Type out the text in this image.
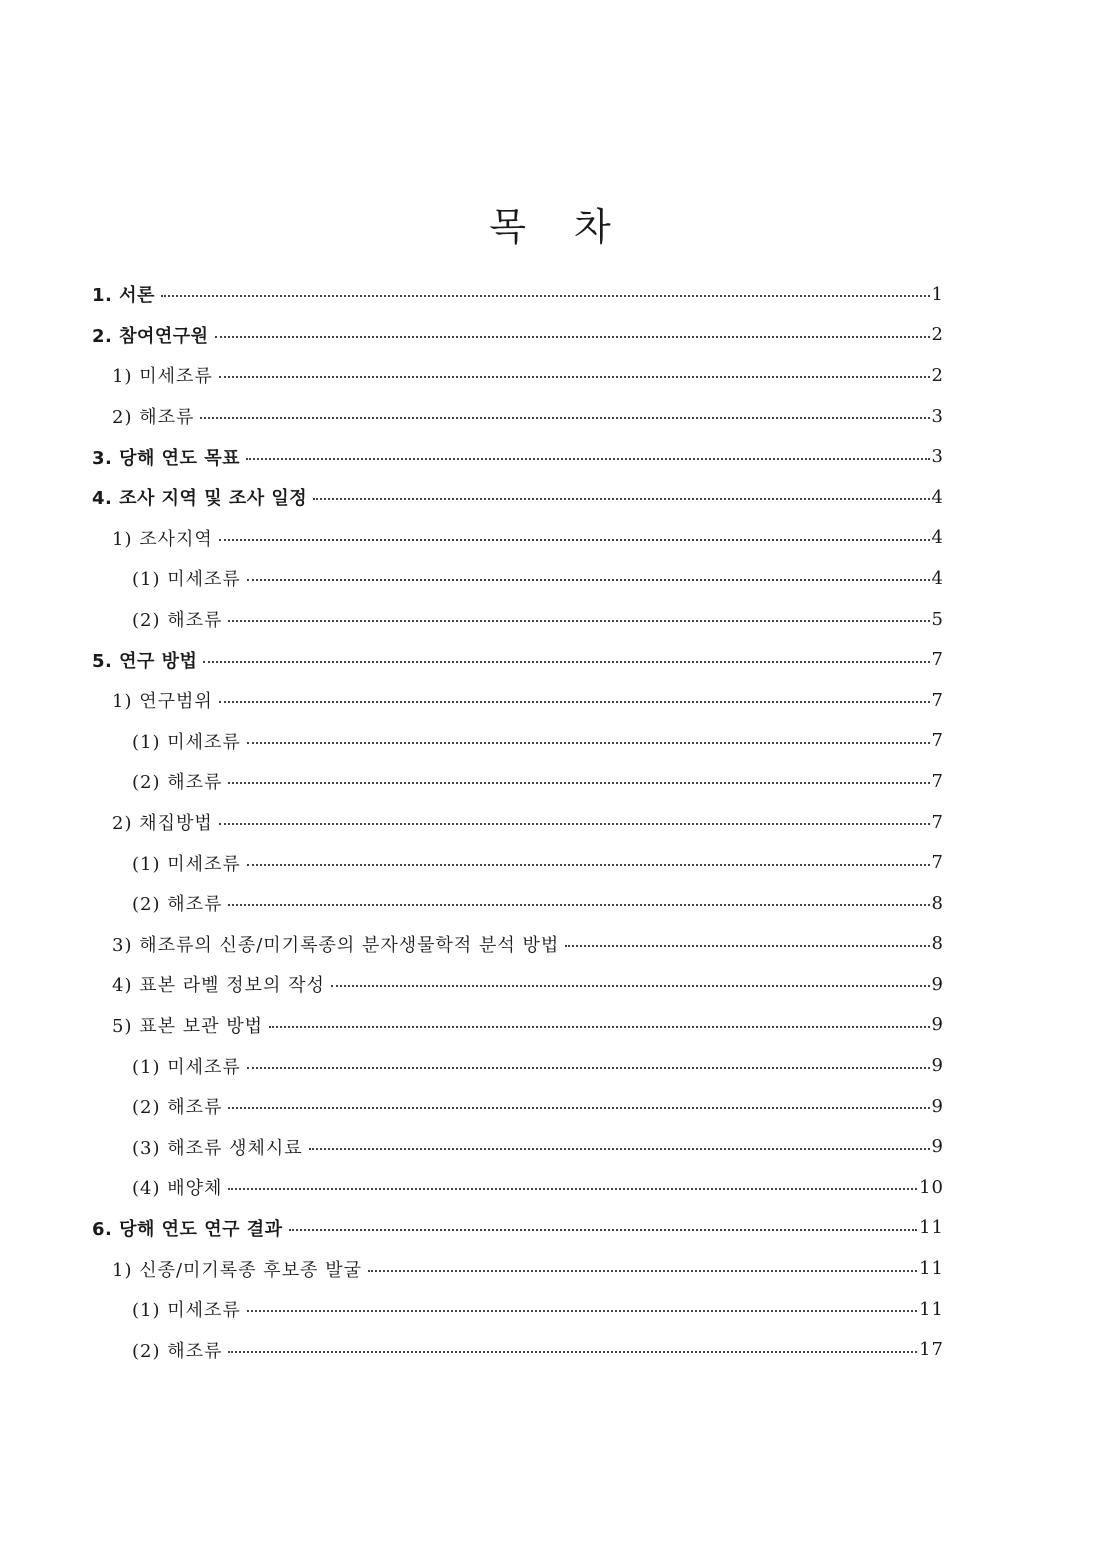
목 차
1. 서론	1
2. 참여연구원	2
1) 미세조류	2
2) 해조류	3
3. 당해 연도 목표	3
4. 조사 지역 및 조사 일정	4
1) 조사지역	4
(1) 미세조류	4
(2) 해조류	5
5. 연구 방법	7
1) 연구범위	7
(1) 미세조류	7
(2) 해조류	7
2) 채집방법	7
(1) 미세조류	7
(2) 해조류	8
3) 해조류의 신종/미기록종의 분자생물학적 분석 방법	8
4) 표본 라벨 정보의 작성	9
5) 표본 보관 방법	9
(1) 미세조류	9
(2) 해조류	9
(3) 해조류 생체시료	9
(4) 배양체	10
6. 당해 연도 연구 결과	11
1) 신종/미기록종 후보종 발굴	11
(1) 미세조류	11
(2) 해조류	17
